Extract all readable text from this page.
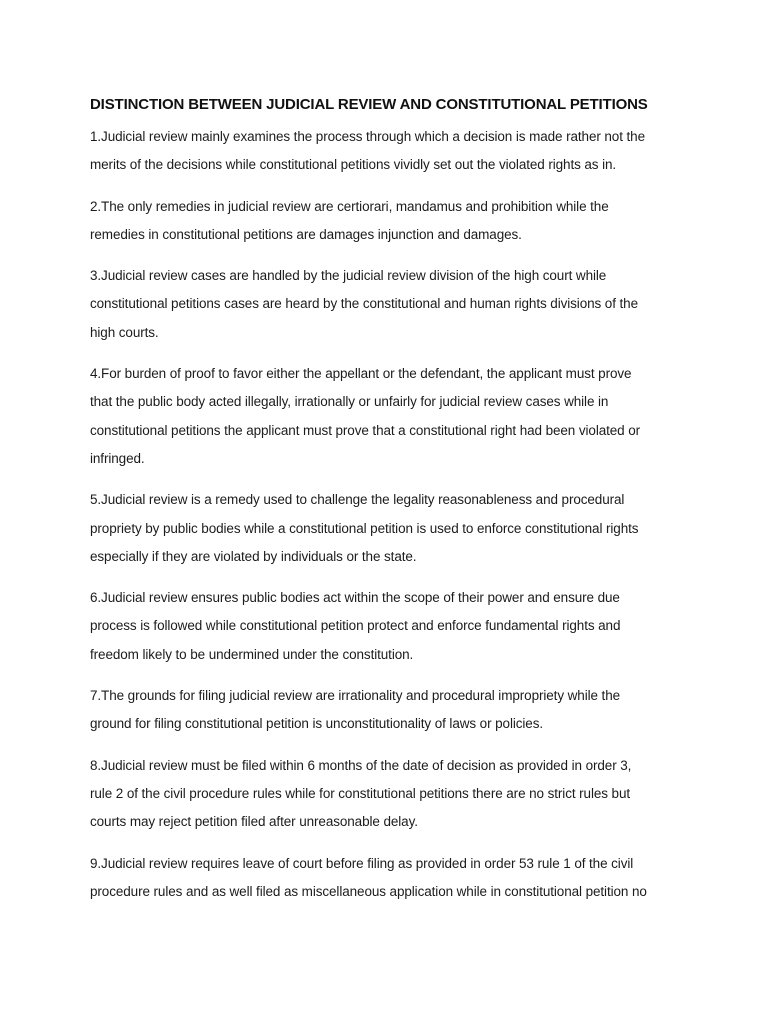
DISTINCTION BETWEEN JUDICIAL REVIEW AND CONSTITUTIONAL PETITIONS

1.Judicial review mainly examines the process through which a decision is made rather not the
merits of the decisions while constitutional petitions vividly set out the violated rights as in.

2.The only remedies in judicial review are certiorari, mandamus and prohibition while the
remedies in constitutional petitions are damages injunction and damages.

3.Judicial review cases are handled by the judicial review division of the high court while
constitutional petitions cases are heard by the constitutional and human rights divisions of the
high courts.

4.For burden of proof to favor either the appellant or the defendant, the applicant must prove
that the public body acted illegally, irrationally or unfairly for judicial review cases while in
constitutional petitions the applicant must prove that a constitutional right had been violated or
infringed.

5.Judicial review is a remedy used to challenge the legality reasonableness and procedural
propriety by public bodies while a constitutional petition is used to enforce constitutional rights
especially if they are violated by individuals or the state.

6.Judicial review ensures public bodies act within the scope of their power and ensure due
process is followed while constitutional petition protect and enforce fundamental rights and
freedom likely to be undermined under the constitution.

7.The grounds for filing judicial review are irrationality and procedural impropriety while the
ground for filing constitutional petition is unconstitutionality of laws or policies.

8.Judicial review must be filed within 6 months of the date of decision as provided in order 3,
rule 2 of the civil procedure rules while for constitutional petitions there are no strict rules but
courts may reject petition filed after unreasonable delay.

9.Judicial review requires leave of court before filing as provided in order 53 rule 1 of the civil
procedure rules and as well filed as miscellaneous application while in constitutional petition no
